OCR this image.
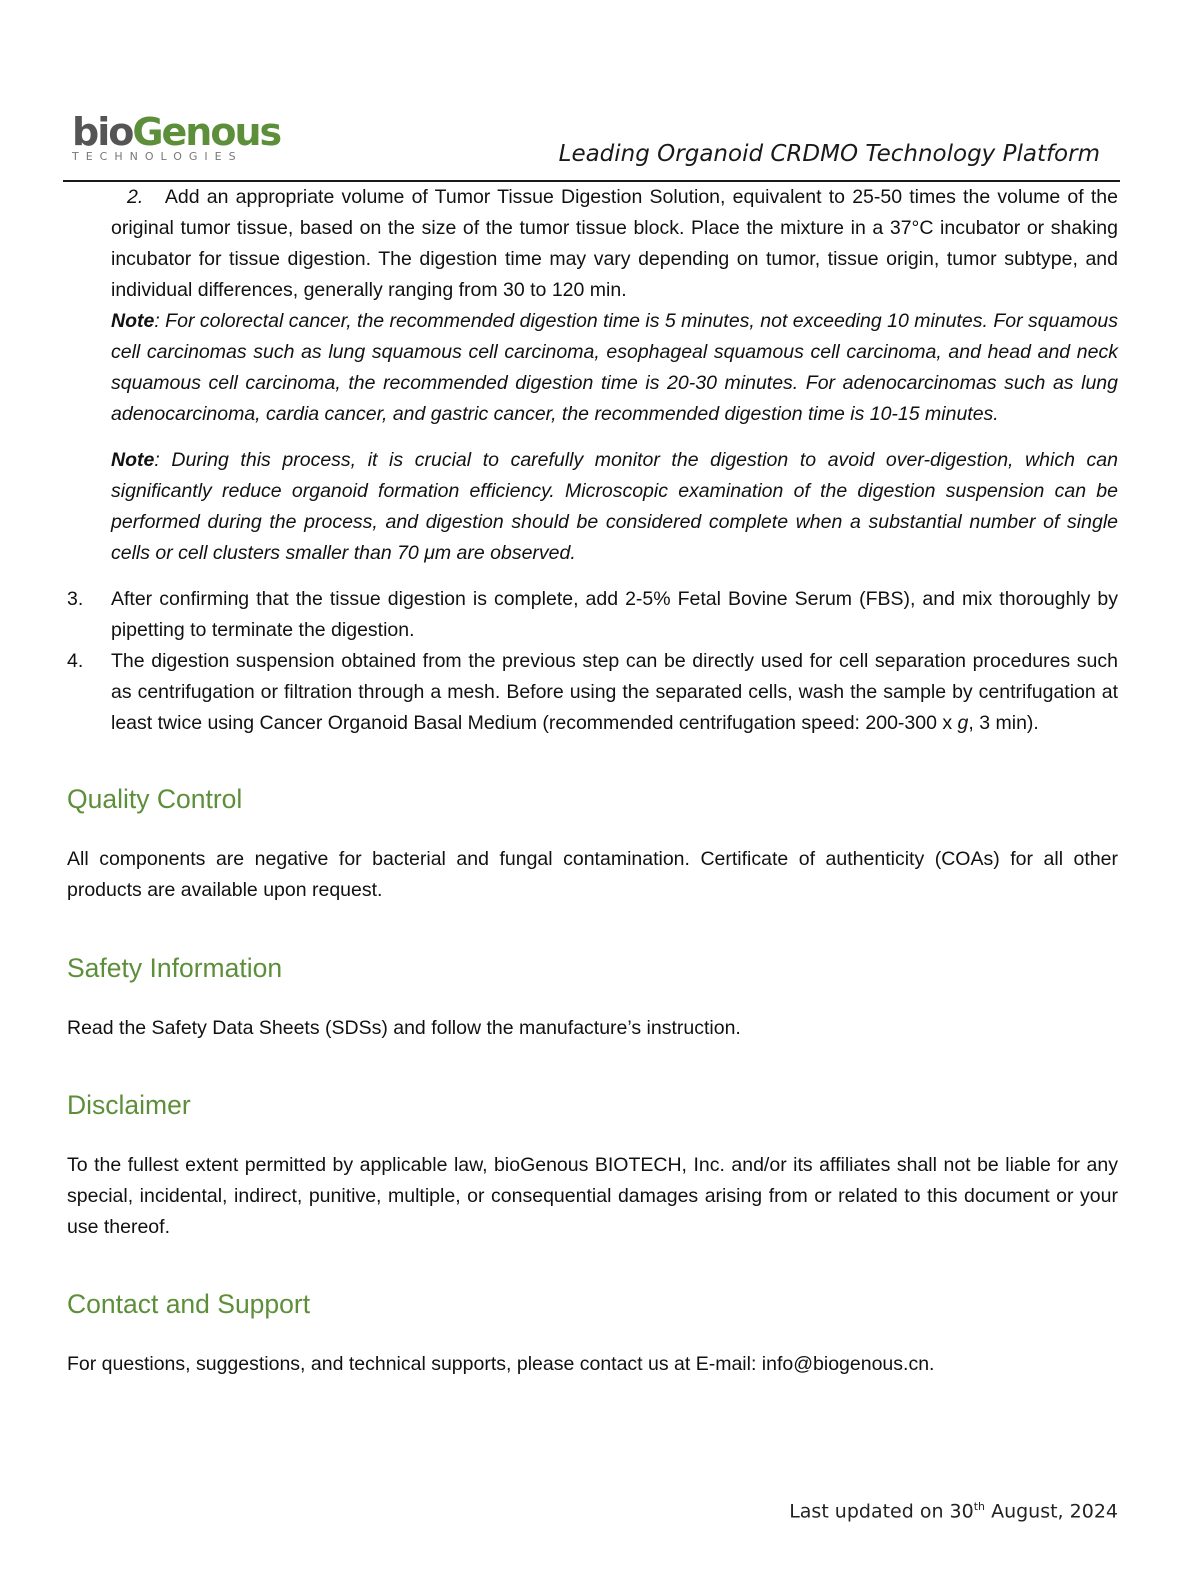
bioGenous
TECHNOLOGIES	Leading Organoid CRDMO Technology Platform

2. Add an appropriate volume of Tumor Tissue Digestion Solution, equivalent to 25-50 times the volume of the original tumor tissue, based on the size of the tumor tissue block. Place the mixture in a 37°C incubator or shaking incubator for tissue digestion. The digestion time may vary depending on tumor, tissue origin, tumor subtype, and individual differences, generally ranging from 30 to 120 min.

Note: For colorectal cancer, the recommended digestion time is 5 minutes, not exceeding 10 minutes. For squamous cell carcinomas such as lung squamous cell carcinoma, esophageal squamous cell carcinoma, and head and neck squamous cell carcinoma, the recommended digestion time is 20-30 minutes. For adenocarcinomas such as lung adenocarcinoma, cardia cancer, and gastric cancer, the recommended digestion time is 10-15 minutes.

Note: During this process, it is crucial to carefully monitor the digestion to avoid over-digestion, which can significantly reduce organoid formation efficiency. Microscopic examination of the digestion suspension can be performed during the process, and digestion should be considered complete when a substantial number of single cells or cell clusters smaller than 70 μm are observed.

3.	After confirming that the tissue digestion is complete, add 2-5% Fetal Bovine Serum (FBS), and mix thoroughly by pipetting to terminate the digestion.

4.	The digestion suspension obtained from the previous step can be directly used for cell separation procedures such as centrifugation or filtration through a mesh. Before using the separated cells, wash the sample by centrifugation at least twice using Cancer Organoid Basal Medium (recommended centrifugation speed: 200-300 x g, 3 min).

Quality Control

All components are negative for bacterial and fungal contamination. Certificate of authenticity (COAs) for all other products are available upon request.

Safety Information

Read the Safety Data Sheets (SDSs) and follow the manufacture’s instruction.

Disclaimer

To the fullest extent permitted by applicable law, bioGenous BIOTECH, Inc. and/or its affiliates shall not be liable for any special, incidental, indirect, punitive, multiple, or consequential damages arising from or related to this document or your use thereof.

Contact and Support

For questions, suggestions, and technical supports, please contact us at E-mail: info@biogenous.cn.

Last updated on 30th August, 2024
